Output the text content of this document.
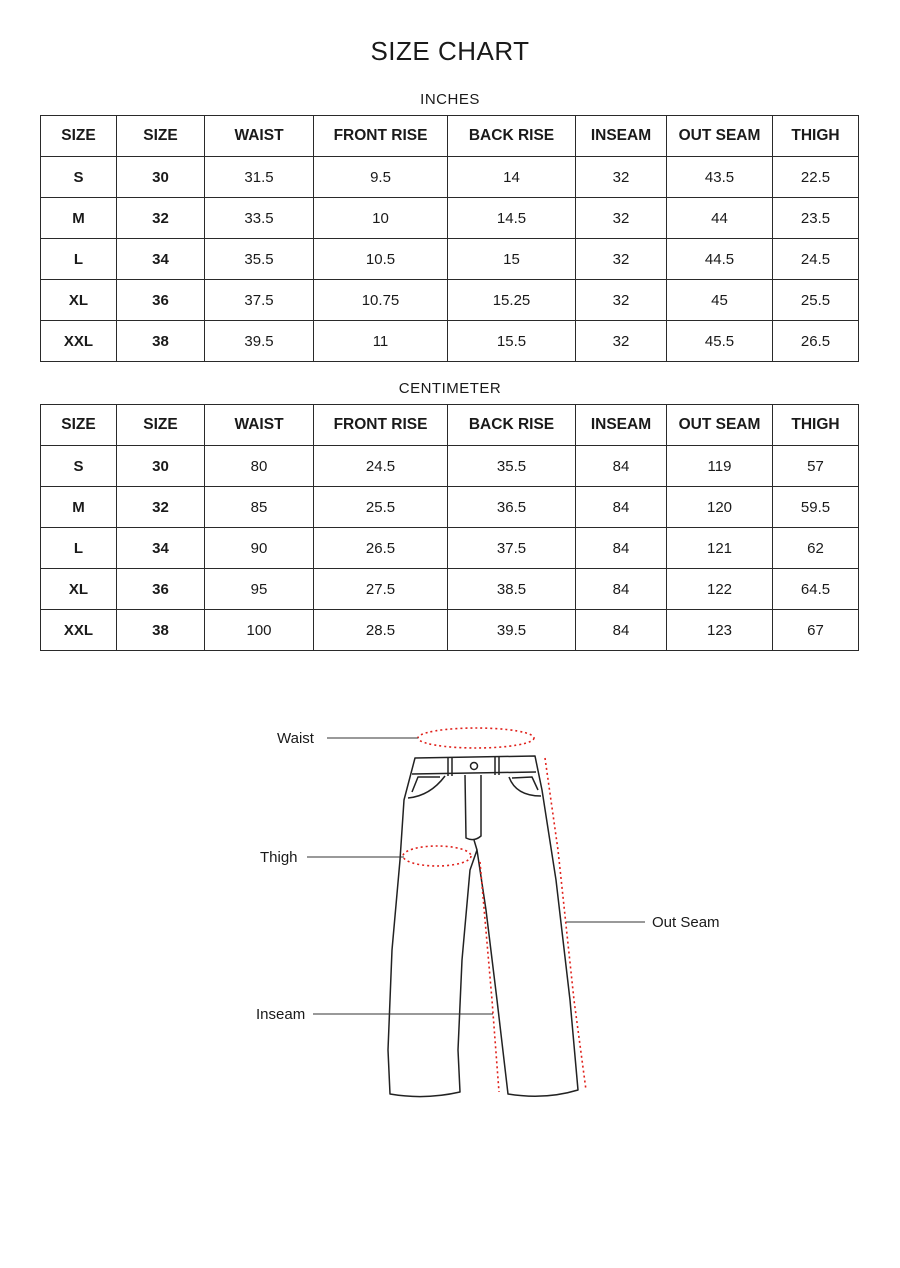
SIZE CHART
INCHES
SIZE	SIZE	WAIST	FRONT RISE	BACK RISE	INSEAM	OUT SEAM	THIGH
S	30	31.5	9.5	14	32	43.5	22.5
M	32	33.5	10	14.5	32	44	23.5
L	34	35.5	10.5	15	32	44.5	24.5
XL	36	37.5	10.75	15.25	32	45	25.5
XXL	38	39.5	11	15.5	32	45.5	26.5
CENTIMETER
SIZE	SIZE	WAIST	FRONT RISE	BACK RISE	INSEAM	OUT SEAM	THIGH
S	30	80	24.5	35.5	84	119	57
M	32	85	25.5	36.5	84	120	59.5
L	34	90	26.5	37.5	84	121	62
XL	36	95	27.5	38.5	84	122	64.5
XXL	38	100	28.5	39.5	84	123	67
Waist
Thigh
Inseam
Out Seam
